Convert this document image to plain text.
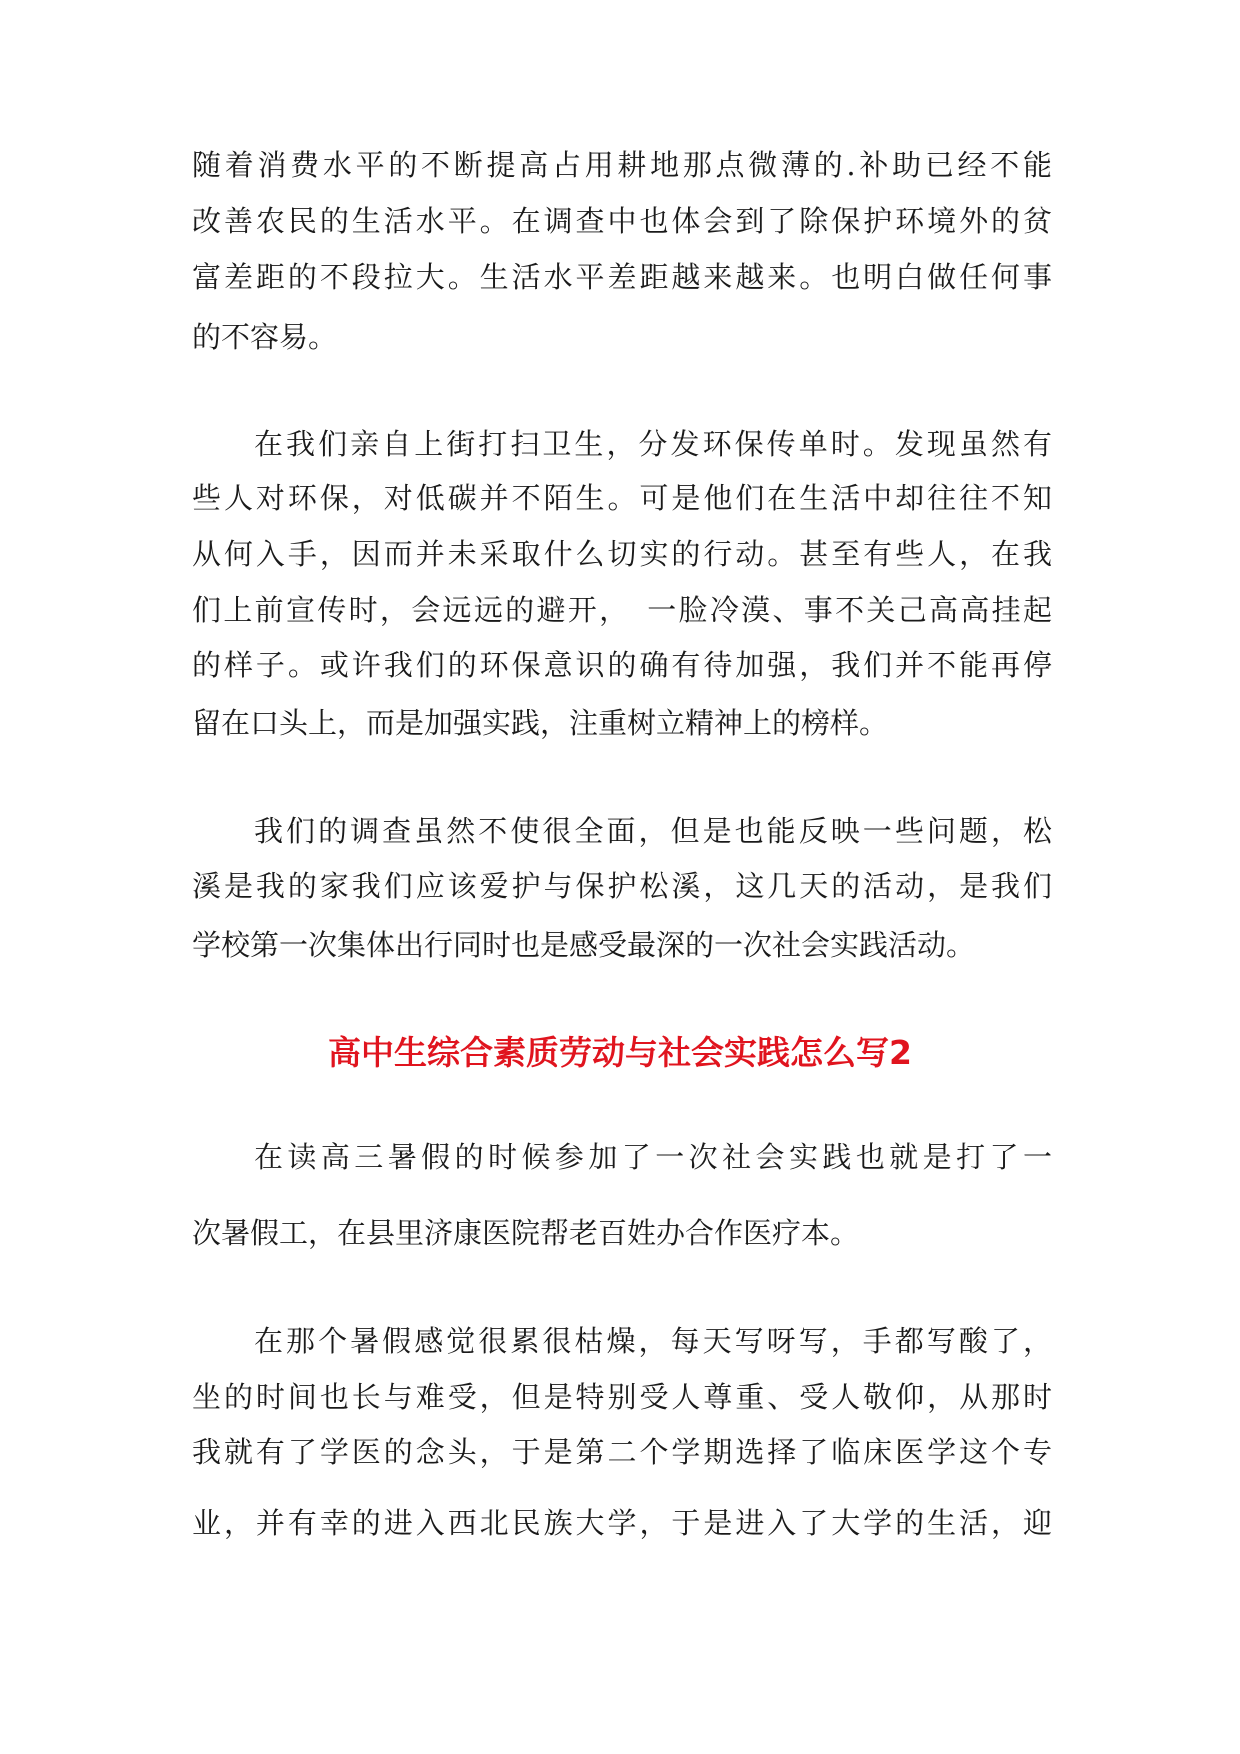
随着消费水平的不断提高占用耕地那点微薄的.补助已经不能
改善农民的生活水平。在调查中也体会到了除保护环境外的贫
富差距的不段拉大。生活水平差距越来越来。也明白做任何事
的不容易。
在我们亲自上街打扫卫生，分发环保传单时。发现虽然有
些人对环保，对低碳并不陌生。可是他们在生活中却往往不知
从何入手，因而并未采取什么切实的行动。甚至有些人，在我
们上前宣传时，会远远的避开，　一脸冷漠、事不关己高高挂起
的样子。或许我们的环保意识的确有待加强，我们并不能再停
留在口头上，而是加强实践，注重树立精神上的榜样。
我们的调查虽然不使很全面，但是也能反映一些问题，松
溪是我的家我们应该爱护与保护松溪，这几天的活动，是我们
学校第一次集体出行同时也是感受最深的一次社会实践活动。
高中生综合素质劳动与社会实践怎么写2
在读高三暑假的时候参加了一次社会实践也就是打了一
次暑假工，在县里济康医院帮老百姓办合作医疗本。
在那个暑假感觉很累很枯燥，每天写呀写，手都写酸了，
坐的时间也长与难受，但是特别受人尊重、受人敬仰，从那时
我就有了学医的念头，于是第二个学期选择了临床医学这个专
业，并有幸的进入西北民族大学，于是进入了大学的生活，迎
